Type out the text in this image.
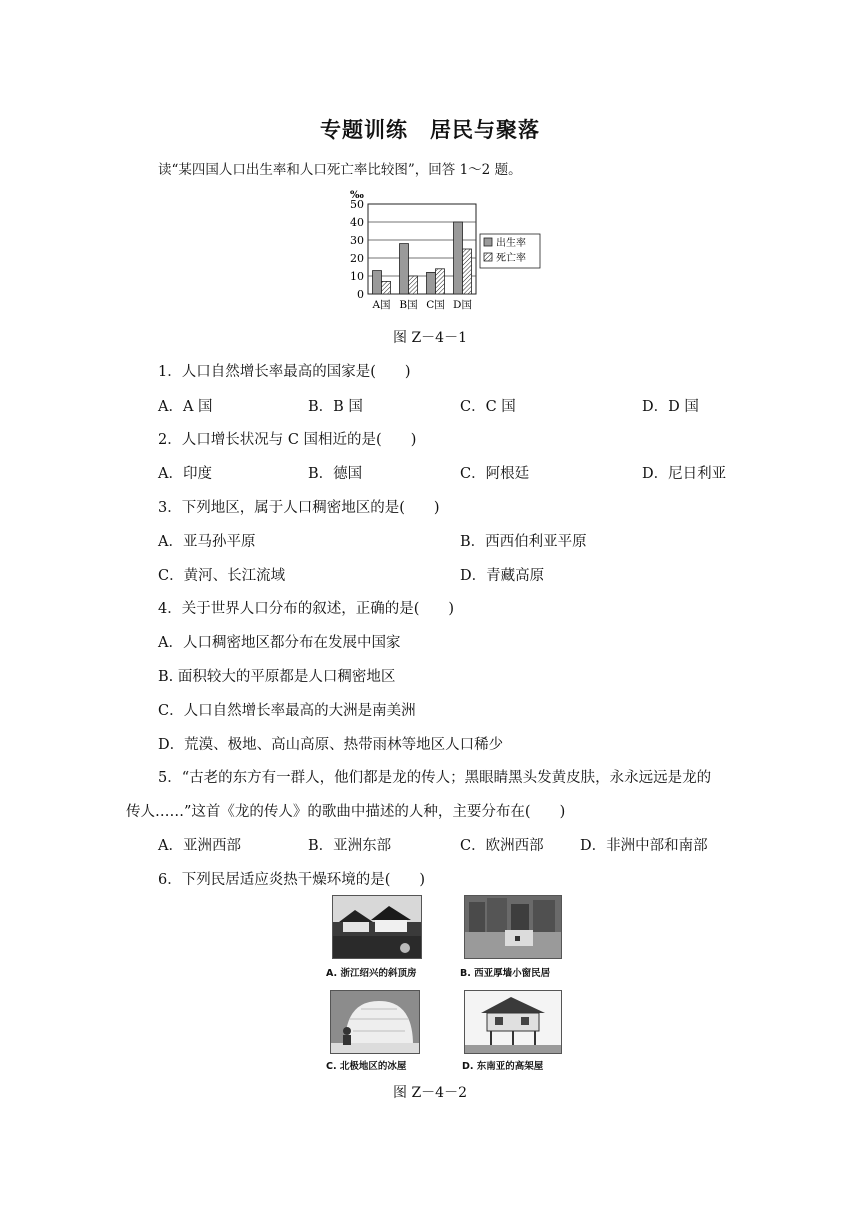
专题训练　居民与聚落
读“某四国人口出生率和人口死亡率比较图”，回答 1～2 题。
0
10
20
30
40
50
‰
A国 B国 C国 D国
出生率
死亡率
图 Z－4－1
1．人口自然增长率最高的国家是(　　)
A．A 国	B．B 国	C．C 国	D．D 国
2．人口增长状况与 C 国相近的是(　　)
A．印度	B．德国	C．阿根廷	D．尼日利亚
3．下列地区，属于人口稠密地区的是(　　)
A．亚马孙平原	B．西西伯利亚平原
C．黄河、长江流域	D．青藏高原
4．关于世界人口分布的叙述，正确的是(　　)
A．人口稠密地区都分布在发展中国家
B. 面积较大的平原都是人口稠密地区
C．人口自然增长率最高的大洲是南美洲
D．荒漠、极地、高山高原、热带雨林等地区人口稀少
5．“古老的东方有一群人，他们都是龙的传人；黑眼睛黑头发黄皮肤，永永远远是龙的
传人……”这首《龙的传人》的歌曲中描述的人种，主要分布在(　　)
A．亚洲西部	B．亚洲东部	C．欧洲西部	D．非洲中部和南部
6．下列民居适应炎热干燥环境的是(　　)
A. 浙江绍兴的斜顶房	B. 西亚厚墙小窗民居
C. 北极地区的冰屋	D. 东南亚的高架屋
图 Z－4－2
